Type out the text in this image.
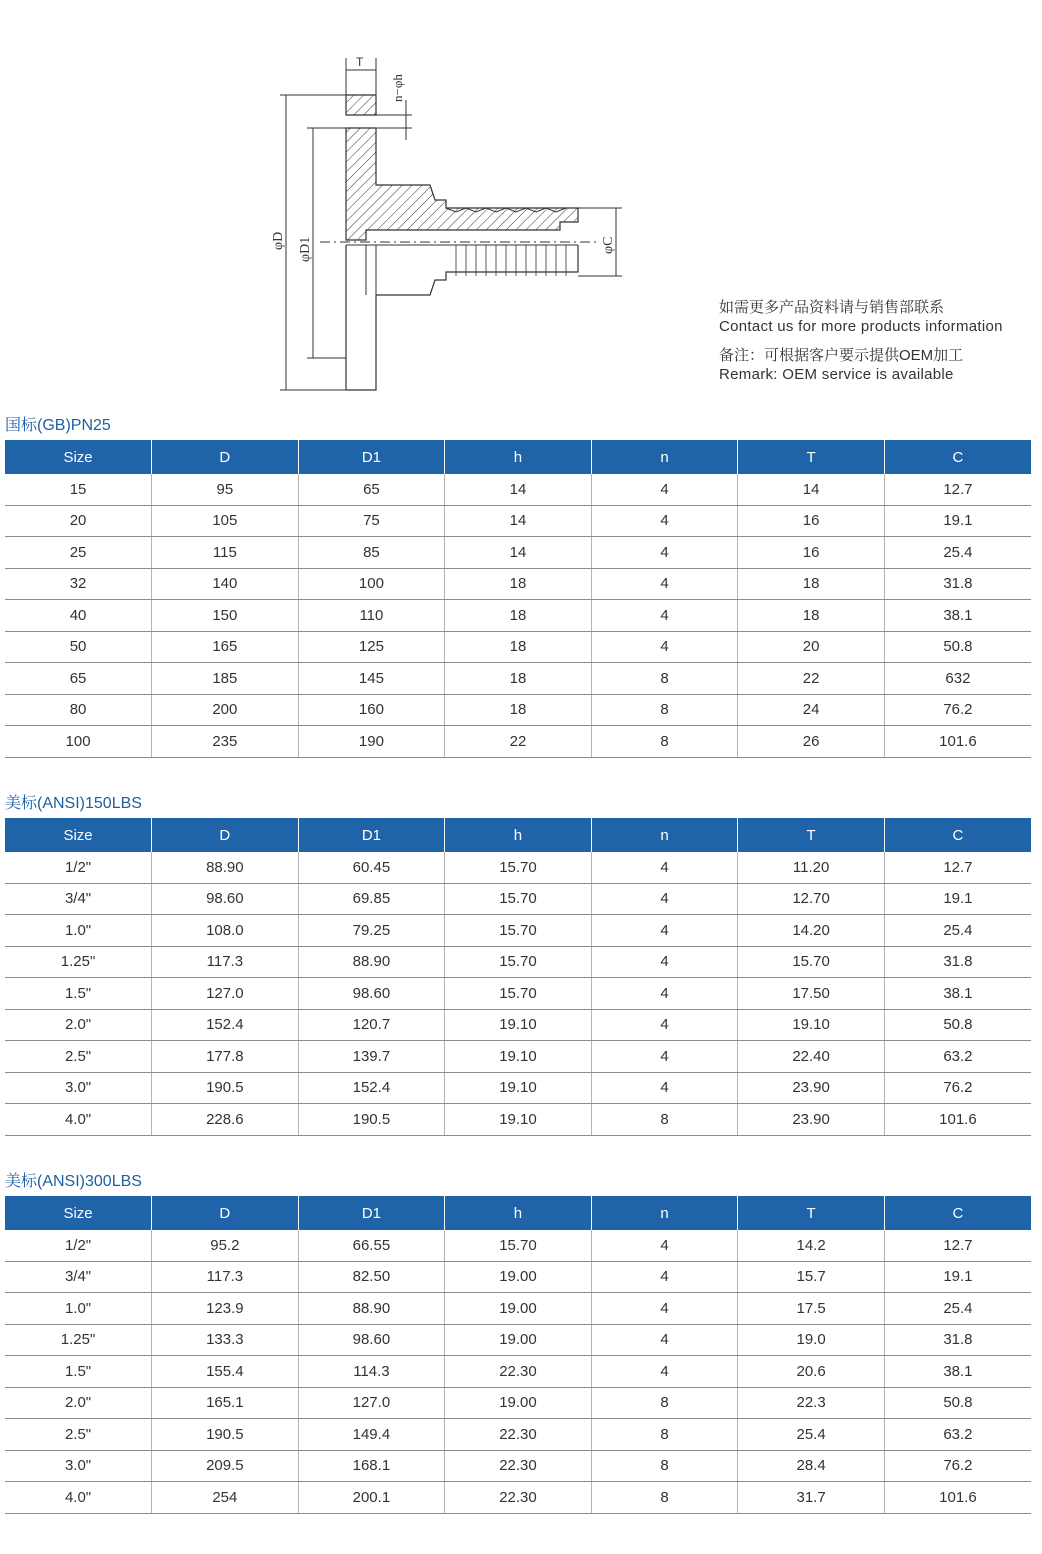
φD φD1
T
n−φh
φC
如需更多产品资料请与销售部联系
Contact us for more products information
备注：可根据客户要示提供OEM加工
Remark: OEM service is available
国标(GB)PN25
Size	D	D1	h	n	T	C
15	95	65	14	4	14	12.7
20	105	75	14	4	16	19.1
25	115	85	14	4	16	25.4
32	140	100	18	4	18	31.8
40	150	110	18	4	18	38.1
50	165	125	18	4	20	50.8
65	185	145	18	8	22	632
80	200	160	18	8	24	76.2
100	235	190	22	8	26	101.6
美标(ANSI)150LBS
Size	D	D1	h	n	T	C
1/2"	88.90	60.45	15.70	4	11.20	12.7
3/4"	98.60	69.85	15.70	4	12.70	19.1
1.0"	108.0	79.25	15.70	4	14.20	25.4
1.25"	117.3	88.90	15.70	4	15.70	31.8
1.5"	127.0	98.60	15.70	4	17.50	38.1
2.0"	152.4	120.7	19.10	4	19.10	50.8
2.5"	177.8	139.7	19.10	4	22.40	63.2
3.0"	190.5	152.4	19.10	4	23.90	76.2
4.0"	228.6	190.5	19.10	8	23.90	101.6
美标(ANSI)300LBS
Size	D	D1	h	n	T	C
1/2"	95.2	66.55	15.70	4	14.2	12.7
3/4"	117.3	82.50	19.00	4	15.7	19.1
1.0"	123.9	88.90	19.00	4	17.5	25.4
1.25"	133.3	98.60	19.00	4	19.0	31.8
1.5"	155.4	114.3	22.30	4	20.6	38.1
2.0"	165.1	127.0	19.00	8	22.3	50.8
2.5"	190.5	149.4	22.30	8	25.4	63.2
3.0"	209.5	168.1	22.30	8	28.4	76.2
4.0"	254	200.1	22.30	8	31.7	101.6
